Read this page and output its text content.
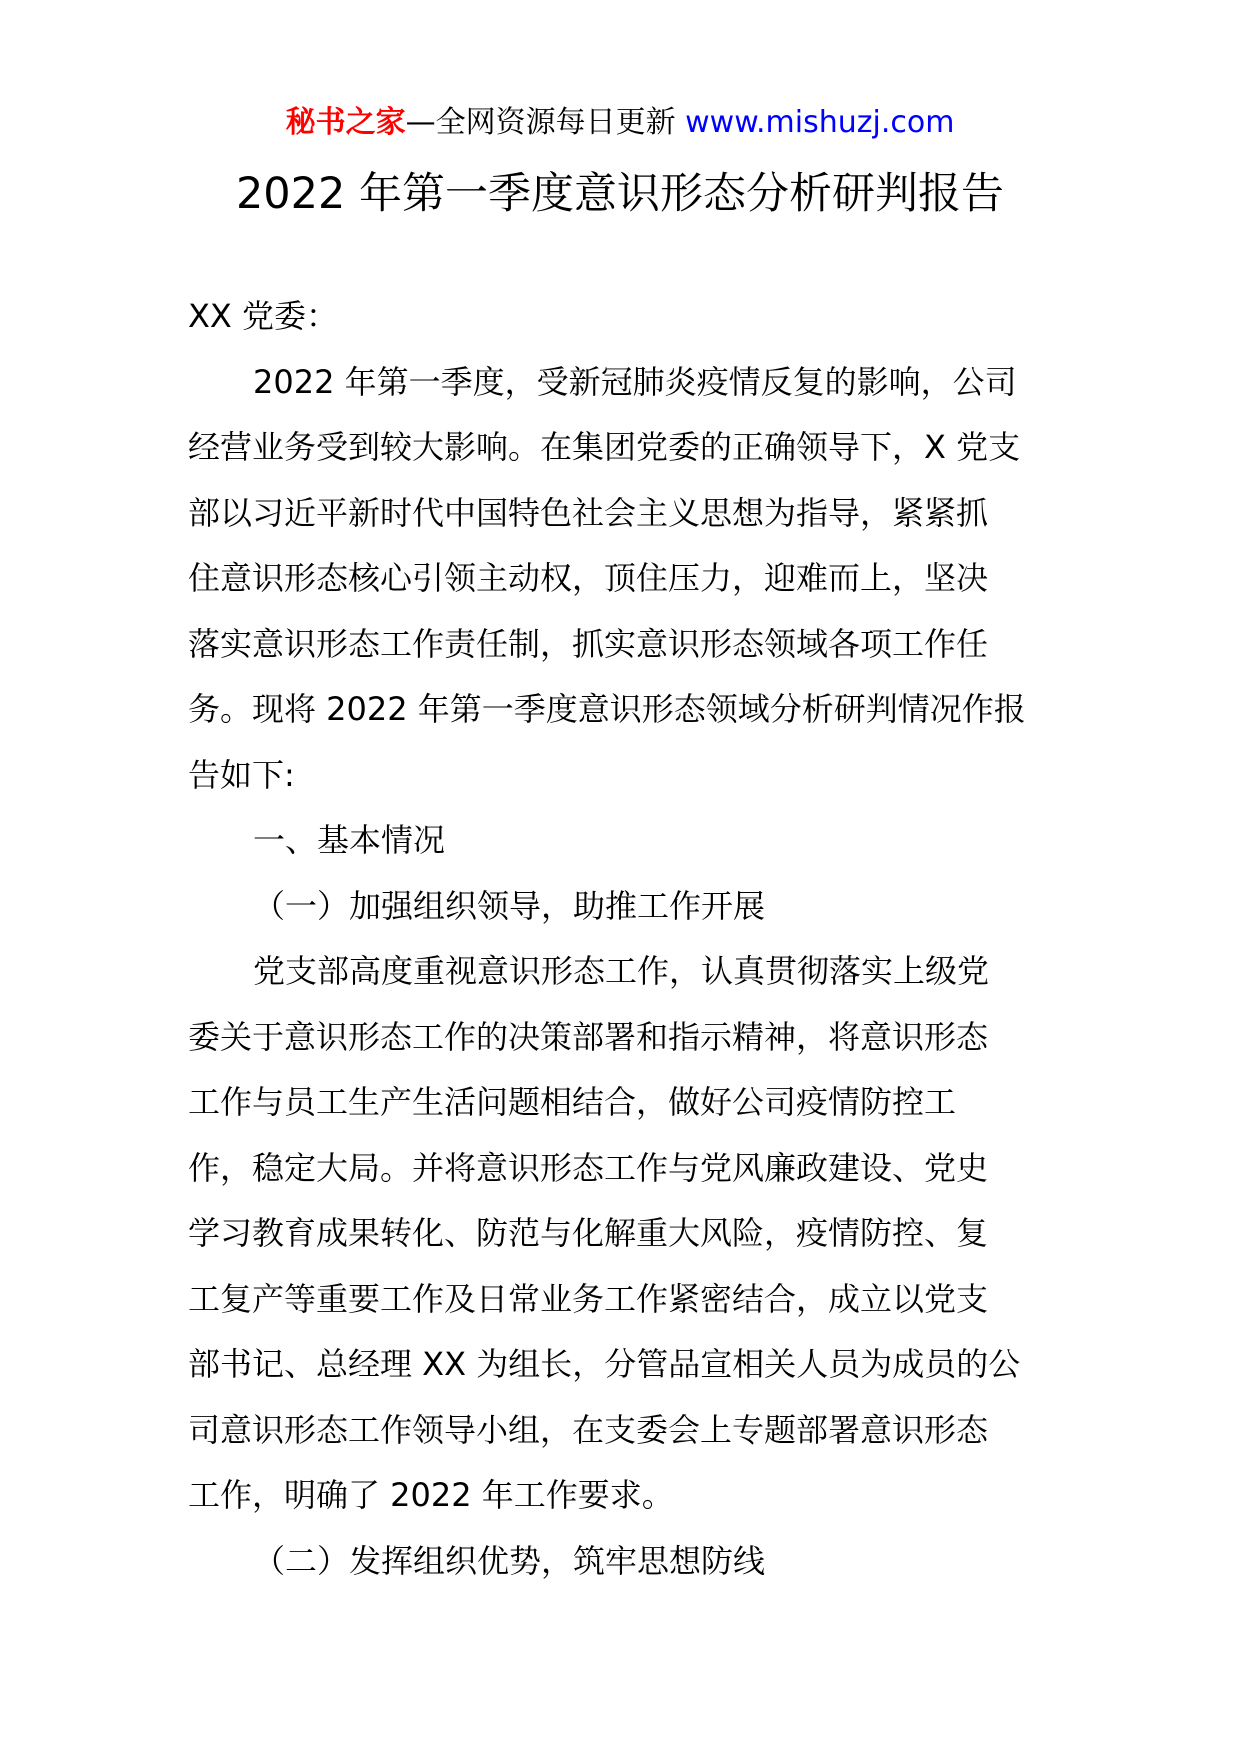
秘书之家—全网资源每日更新 www.mishuzj.com
2022 年第一季度意识形态分析研判报告
XX 党委：
2022 年第一季度，受新冠肺炎疫情反复的影响，公司
经营业务受到较大影响。在集团党委的正确领导下，X 党支
部以习近平新时代中国特色社会主义思想为指导，紧紧抓
住意识形态核心引领主动权，顶住压力，迎难而上，坚决
落实意识形态工作责任制，抓实意识形态领域各项工作任
务。现将 2022 年第一季度意识形态领域分析研判情况作报
告如下:
一、基本情况
（一）加强组织领导，助推工作开展
党支部高度重视意识形态工作，认真贯彻落实上级党
委关于意识形态工作的决策部署和指示精神，将意识形态
工作与员工生产生活问题相结合，做好公司疫情防控工
作，稳定大局。并将意识形态工作与党风廉政建设、党史
学习教育成果转化、防范与化解重大风险，疫情防控、复
工复产等重要工作及日常业务工作紧密结合，成立以党支
部书记、总经理 XX 为组长，分管品宣相关人员为成员的公
司意识形态工作领导小组，在支委会上专题部署意识形态
工作，明确了 2022 年工作要求。
（二）发挥组织优势，筑牢思想防线
